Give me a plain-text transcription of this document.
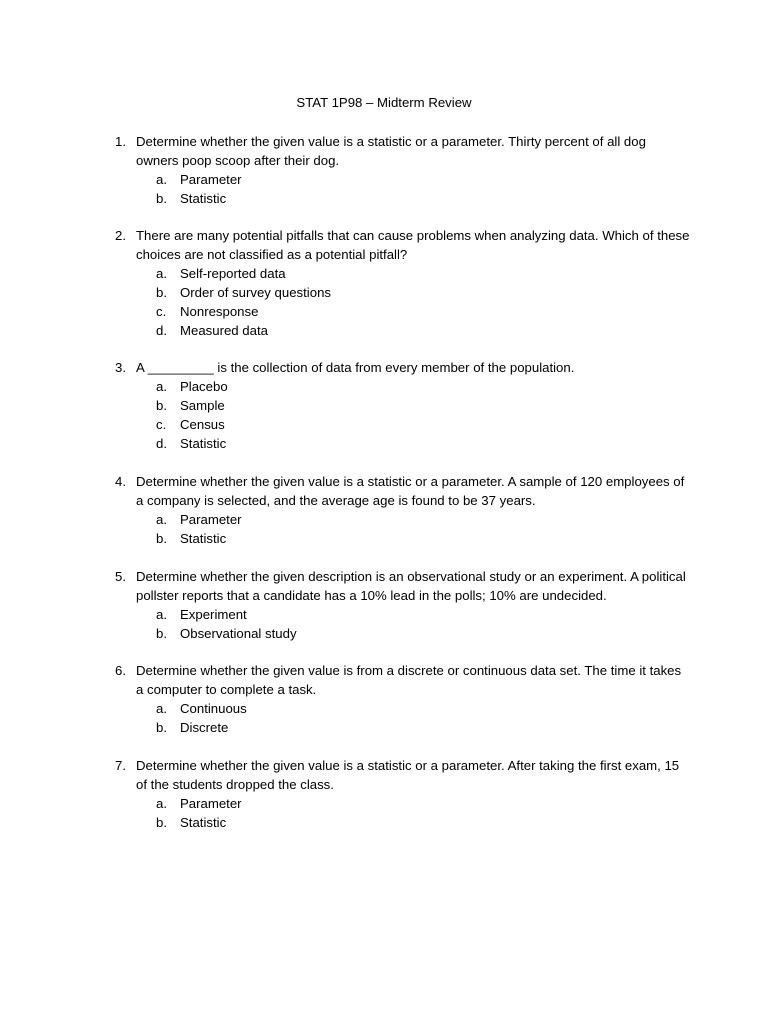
STAT 1P98 – Midterm Review
1. Determine whether the given value is a statistic or a parameter. Thirty percent of all dog owners poop scoop after their dog.
a. Parameter
b. Statistic
2. There are many potential pitfalls that can cause problems when analyzing data. Which of these choices are not classified as a potential pitfall?
a. Self-reported data
b. Order of survey questions
c.	Nonresponse
d. Measured data
3. A _________ is the collection of data from every member of the population.
a. Placebo
b. Sample
c.	Census
d. Statistic
4. Determine whether the given value is a statistic or a parameter. A sample of 120 employees of a company is selected, and the average age is found to be 37 years.
a. Parameter
b. Statistic
5. Determine whether the given description is an observational study or an experiment. A political pollster reports that a candidate has a 10% lead in the polls; 10% are undecided.
a. Experiment
b. Observational study
6. Determine whether the given value is from a discrete or continuous data set. The time it takes a computer to complete a task.
a. Continuous
b. Discrete
7. Determine whether the given value is a statistic or a parameter. After taking the first exam, 15 of the students dropped the class.
a. Parameter
b. Statistic
